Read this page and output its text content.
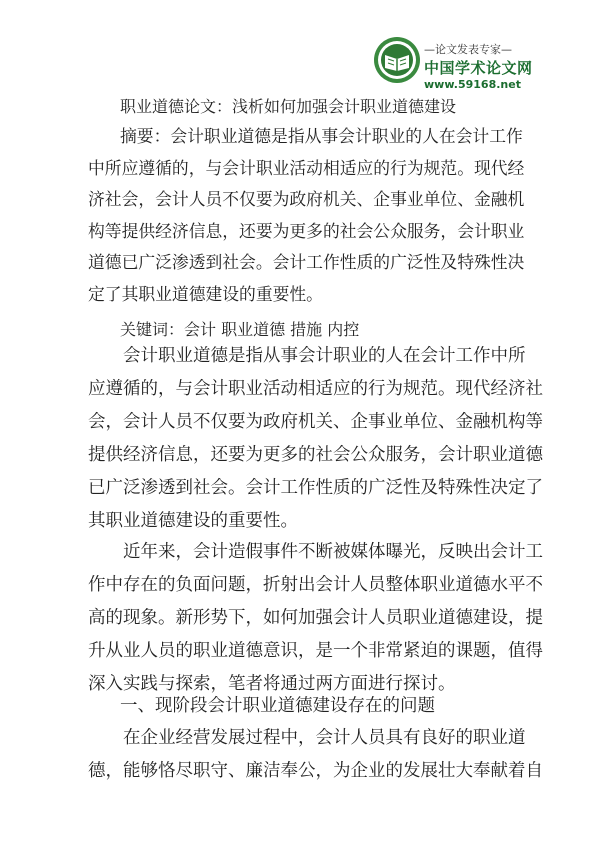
—论文发表专家—
中国学术论文网
www.59168.net
职业道德论文：浅析如何加强会计职业道德建设
摘要：会计职业道德是指从事会计职业的人在会计工作
中所应遵循的，与会计职业活动相适应的行为规范。现代经
济社会，会计人员不仅要为政府机关、企事业单位、金融机
构等提供经济信息，还要为更多的社会公众服务，会计职业
道德已广泛渗透到社会。会计工作性质的广泛性及特殊性决
定了其职业道德建设的重要性。
关键词：会计 职业道德 措施 内控
会计职业道德是指从事会计职业的人在会计工作中所
应遵循的，与会计职业活动相适应的行为规范。现代经济社
会，会计人员不仅要为政府机关、企事业单位、金融机构等
提供经济信息，还要为更多的社会公众服务，会计职业道德
已广泛渗透到社会。会计工作性质的广泛性及特殊性决定了
其职业道德建设的重要性。
近年来，会计造假事件不断被媒体曝光，反映出会计工
作中存在的负面问题，折射出会计人员整体职业道德水平不
高的现象。新形势下，如何加强会计人员职业道德建设，提
升从业人员的职业道德意识，是一个非常紧迫的课题，值得
深入实践与探索，笔者将通过两方面进行探讨。
一、现阶段会计职业道德建设存在的问题
在企业经营发展过程中，会计人员具有良好的职业道
德，能够恪尽职守、廉洁奉公，为企业的发展壮大奉献着自
